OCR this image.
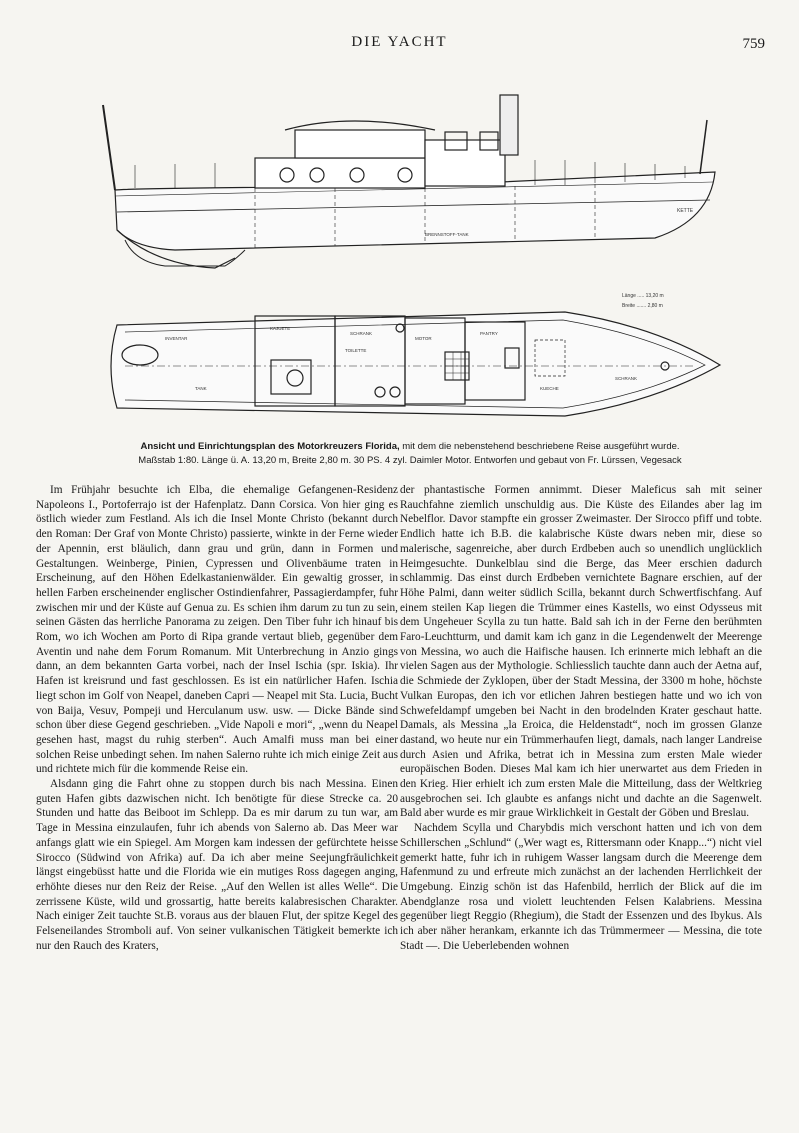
DIE YACHT	759
KETTE
BRENNSTOFF-TANK
Länge ..... 13,20 m
Breite ....... 2,80 m
INVENTAR
TANK
TOILETTE
MOTOR
KAJUETE
SCHRANK	PANTRY
KUECHE
SCHRANK
Ansicht und Einrichtungsplan des Motorkreuzers Florida, mit dem die nebenstehend beschriebene Reise ausgeführt wurde.
Maßstab 1:80. Länge ü. A. 13,20 m, Breite 2,80 m. 30 PS. 4 zyl. Daimler Motor. Entworfen und gebaut von Fr. Lürssen, Vegesack

Im Frühjahr besuchte ich Elba, die ehemalige Gefangenen-Residenz Napoleons I., Portoferrajo ist der Hafenplatz. Dann Corsica. Von hier ging es östlich wieder zum Festland. Als ich die Insel Monte Christo (bekannt durch den Roman: Der Graf von Monte Christo) passierte, winkte in der Ferne wieder der Apennin, erst bläulich, dann grau und grün, dann in Formen und Gestaltungen. Weinberge, Pinien, Cypressen und Olivenbäume traten in Erscheinung, auf den Höhen Edelkastanienwälder. Ein gewaltig grosser, in hellen Farben erscheinender englischer Ostindienfahrer, Passagierdampfer, fuhr zwischen mir und der Küste auf Genua zu. Es schien ihm darum zu tun zu sein, seinen Gästen das herrliche Panorama zu zeigen. Den Tiber fuhr ich hinauf bis Rom, wo ich Wochen am Porto di Ripa grande vertaut blieb, gegenüber dem Aventin und nahe dem Forum Romanum. Mit Unterbrechung in Anzio gings dann, an dem bekannten Garta vorbei, nach der Insel Ischia (spr. Iskia). Ihr Hafen ist kreisrund und fast geschlossen. Es ist ein natürlicher Hafen. Ischia liegt schon im Golf von Neapel, daneben Capri — Neapel mit Sta. Lucia, Bucht von Baija, Vesuv, Pompeji und Herculanum usw. usw. — Dicke Bände sind schon über diese Gegend geschrieben. „Vide Napoli e mori“, „wenn du Neapel gesehen hast, magst du ruhig sterben“. Auch Amalfi muss man bei einer solchen Reise unbedingt sehen. Im nahen Salerno ruhte ich mich einige Zeit aus und richtete mich für die kommende Reise ein.

Alsdann ging die Fahrt ohne zu stoppen durch bis nach Messina. Einen guten Hafen gibts dazwischen nicht. Ich benötigte für diese Strecke ca. 20 Stunden und hatte das Beiboot im Schlepp. Da es mir darum zu tun war, am Tage in Messina einzulaufen, fuhr ich abends von Salerno ab. Das Meer war anfangs glatt wie ein Spiegel. Am Morgen kam indessen der gefürchtete heisse Sirocco (Südwind von Afrika) auf. Da ich aber meine Seejungfräulichkeit längst eingebüsst hatte und die Florida wie ein mutiges Ross dagegen anging, erhöhte dieses nur den Reiz der Reise. „Auf den Wellen ist alles Welle“. Die zerrissene Küste, wild und grossartig, hatte bereits kalabresischen Charakter. Nach einiger Zeit tauchte St.B. voraus aus der blauen Flut, der spitze Kegel des Felseneilandes Stromboli auf. Von seiner vulkanischen Tätigkeit bemerkte ich nur den Rauch des Kraters,

der phantastische Formen annimmt. Dieser Maleficus sah mit seiner Rauchfahne ziemlich unschuldig aus. Die Küste des Eilandes aber lag im Nebelflor. Davor stampfte ein grosser Zweimaster. Der Sirocco pfiff und tobte. Endlich hatte ich B.B. die kalabrische Küste dwars neben mir, diese so malerische, sagenreiche, aber durch Erdbeben auch so unendlich unglücklich Heimgesuchte. Dunkelblau sind die Berge, das Meer erschien dadurch schlammig. Das einst durch Erdbeben vernichtete Bagnare erschien, auf der Höhe Palmi, dann weiter südlich Scilla, bekannt durch Schwertfischfang. Auf einem steilen Kap liegen die Trümmer eines Kastells, wo einst Odysseus mit dem Ungeheuer Scylla zu tun hatte. Bald sah ich in der Ferne den berühmten Faro-Leuchtturm, und damit kam ich ganz in die Legendenwelt der Meerenge von Messina, wo auch die Haifische hausen. Ich erinnerte mich lebhaft an die vielen Sagen aus der Mythologie. Schliesslich tauchte dann auch der Aetna auf, die Schmiede der Zyklopen, über der Stadt Messina, der 3300 m hohe, höchste Vulkan Europas, den ich vor etlichen Jahren bestiegen hatte und wo ich von Schwefeldampf umgeben bei Nacht in den brodelnden Krater geschaut hatte. Damals, als Messina „la Eroica, die Heldenstadt“, noch im grossen Glanze dastand, wo heute nur ein Trümmerhaufen liegt, damals, nach langer Landreise durch Asien und Afrika, betrat ich in Messina zum ersten Male wieder europäischen Boden. Dieses Mal kam ich hier unerwartet aus dem Frieden in den Krieg. Hier erhielt ich zum ersten Male die Mitteilung, dass der Weltkrieg ausgebrochen sei. Ich glaubte es anfangs nicht und dachte an die Sagenwelt. Bald aber wurde es mir graue Wirklichkeit in Gestalt der Göben und Breslau.

Nachdem Scylla und Charybdis mich verschont hatten und ich von dem Schillerschen „Schlund“ („Wer wagt es, Rittersmann oder Knapp...“) nicht viel gemerkt hatte, fuhr ich in ruhigem Wasser langsam durch die Meerenge dem Hafenmund zu und erfreute mich zunächst an der lachenden Herrlichkeit der Umgebung. Einzig schön ist das Hafenbild, herrlich der Blick auf die im Abendglanze rosa und violett leuchtenden Felsen Kalabriens. Messina gegenüber liegt Reggio (Rhegium), die Stadt der Essenzen und des Ibykus. Als ich aber näher herankam, erkannte ich das Trümmermeer — Messina, die tote Stadt —. Die Ueberlebenden wohnen
